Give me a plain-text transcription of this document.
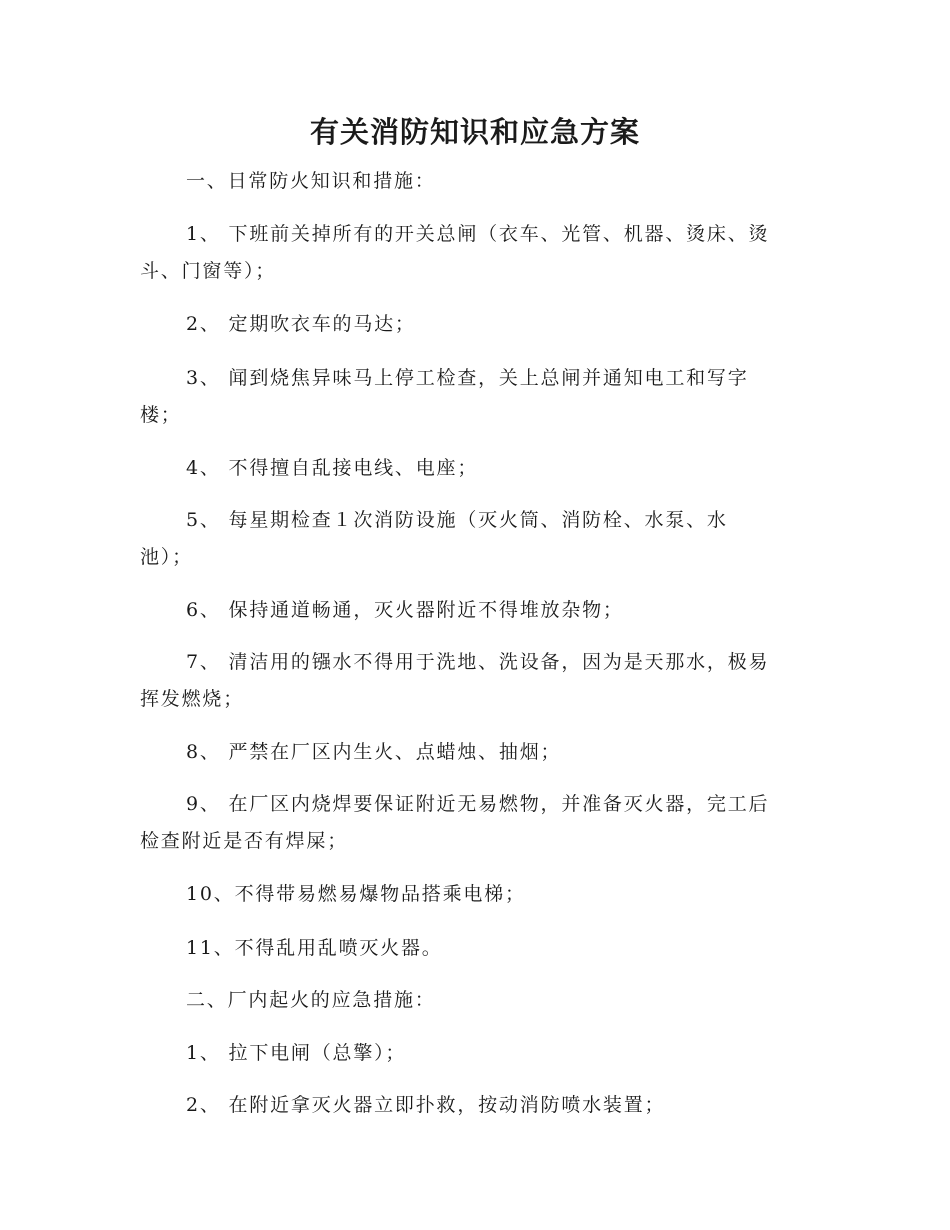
有关消防知识和应急方案

一、日常防火知识和措施：

1、 下班前关掉所有的开关总闸（衣车、光管、机器、烫床、烫
斗、门窗等）；

2、 定期吹衣车的马达；

3、 闻到烧焦异味马上停工检查，关上总闸并通知电工和写字
楼；

4、 不得擅自乱接电线、电座；

5、 每星期检查１次消防设施（灭火筒、消防栓、水泵、水
池）；

6、 保持通道畅通，灭火器附近不得堆放杂物；

7、 清洁用的镪水不得用于洗地、洗设备，因为是天那水，极易
挥发燃烧；

8、 严禁在厂区内生火、点蜡烛、抽烟；

9、 在厂区内烧焊要保证附近无易燃物，并准备灭火器，完工后
检查附近是否有焊屎；

10、不得带易燃易爆物品搭乘电梯；

11、不得乱用乱喷灭火器。

二、厂内起火的应急措施：

1、 拉下电闸（总擎）；

2、 在附近拿灭火器立即扑救，按动消防喷水装置；
